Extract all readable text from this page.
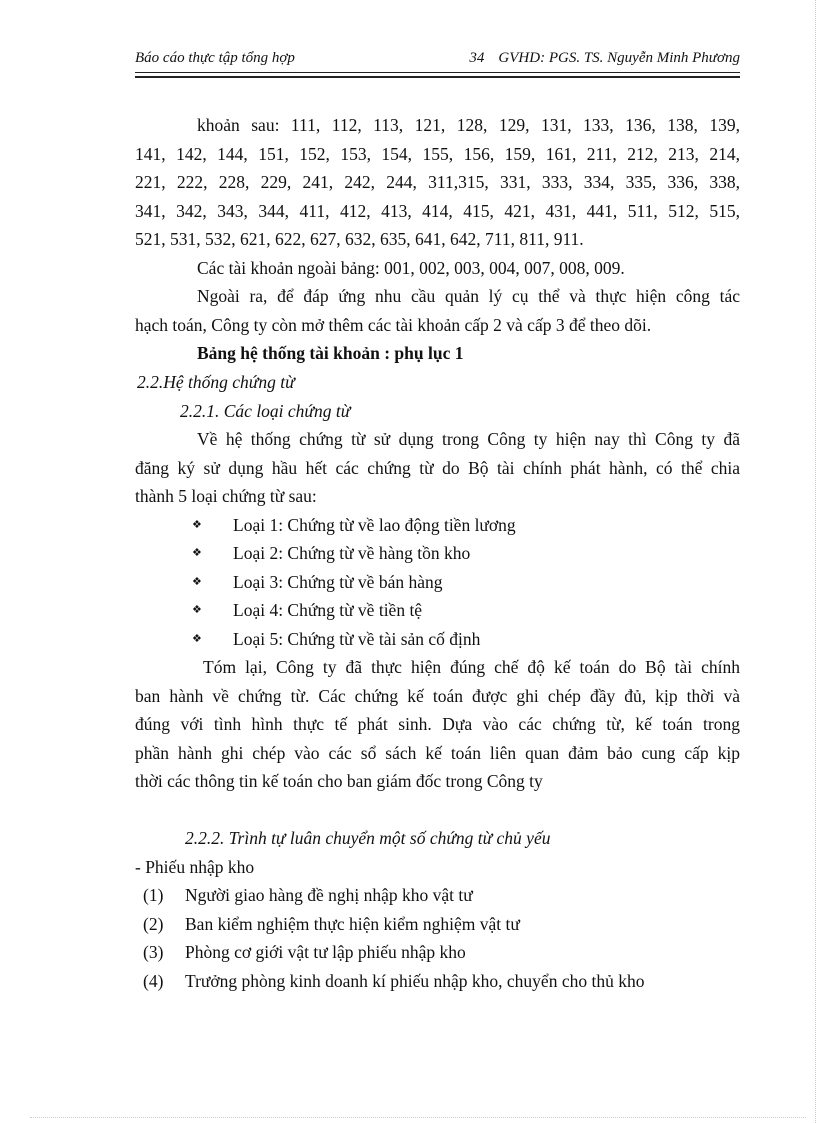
Báo cáo thực tập tổng hợp	34 GVHD: PGS. TS. Nguyễn Minh Phương
khoản sau: 111, 112, 113, 121, 128, 129, 131, 133, 136, 138, 139,
141, 142, 144, 151, 152, 153, 154, 155, 156, 159, 161, 211, 212, 213, 214,
221, 222, 228, 229, 241, 242, 244, 311,315, 331, 333, 334, 335, 336, 338,
341, 342, 343, 344, 411, 412, 413, 414, 415, 421, 431, 441, 511, 512, 515,
521, 531, 532, 621, 622, 627, 632, 635, 641, 642, 711, 811, 911.
Các tài khoản ngoài bảng: 001, 002, 003, 004, 007, 008, 009.
Ngoài ra, để đáp ứng nhu cầu quản lý cụ thể và thực hiện công tác
hạch toán, Công ty còn mở thêm các tài khoản cấp 2 và cấp 3 để theo dõi.
Bảng hệ thống tài khoản : phụ lục 1
2.2.Hệ thống chứng từ
2.2.1. Các loại chứng từ
Về hệ thống chứng từ sử dụng trong Công ty hiện nay thì Công ty đã
đăng ký sử dụng hầu hết các chứng từ do Bộ tài chính phát hành, có thể chia
thành 5 loại chứng từ sau:
❖ Loại 1: Chứng từ về lao động tiền lương
❖ Loại 2: Chứng từ về hàng tồn kho
❖ Loại 3: Chứng từ về bán hàng
❖ Loại 4: Chứng từ về tiền tệ
❖ Loại 5: Chứng từ về tài sản cố định
Tóm lại, Công ty đã thực hiện đúng chế độ kế toán do Bộ tài chính
ban hành về chứng từ. Các chứng kế toán được ghi chép đầy đủ, kịp thời và
đúng với tình hình thực tế phát sinh. Dựa vào các chứng từ, kế toán trong
phần hành ghi chép vào các sổ sách kế toán liên quan đảm bảo cung cấp kịp
thời các thông tin kế toán cho ban giám đốc trong Công ty
2.2.2. Trình tự luân chuyển một số chứng từ chủ yếu
- Phiếu nhập kho
(1) Người giao hàng đề nghị nhập kho vật tư
(2) Ban kiểm nghiệm thực hiện kiểm nghiệm vật tư
(3) Phòng cơ giới vật tư lập phiếu nhập kho
(4) Trưởng phòng kinh doanh kí phiếu nhập kho, chuyển cho thủ kho
